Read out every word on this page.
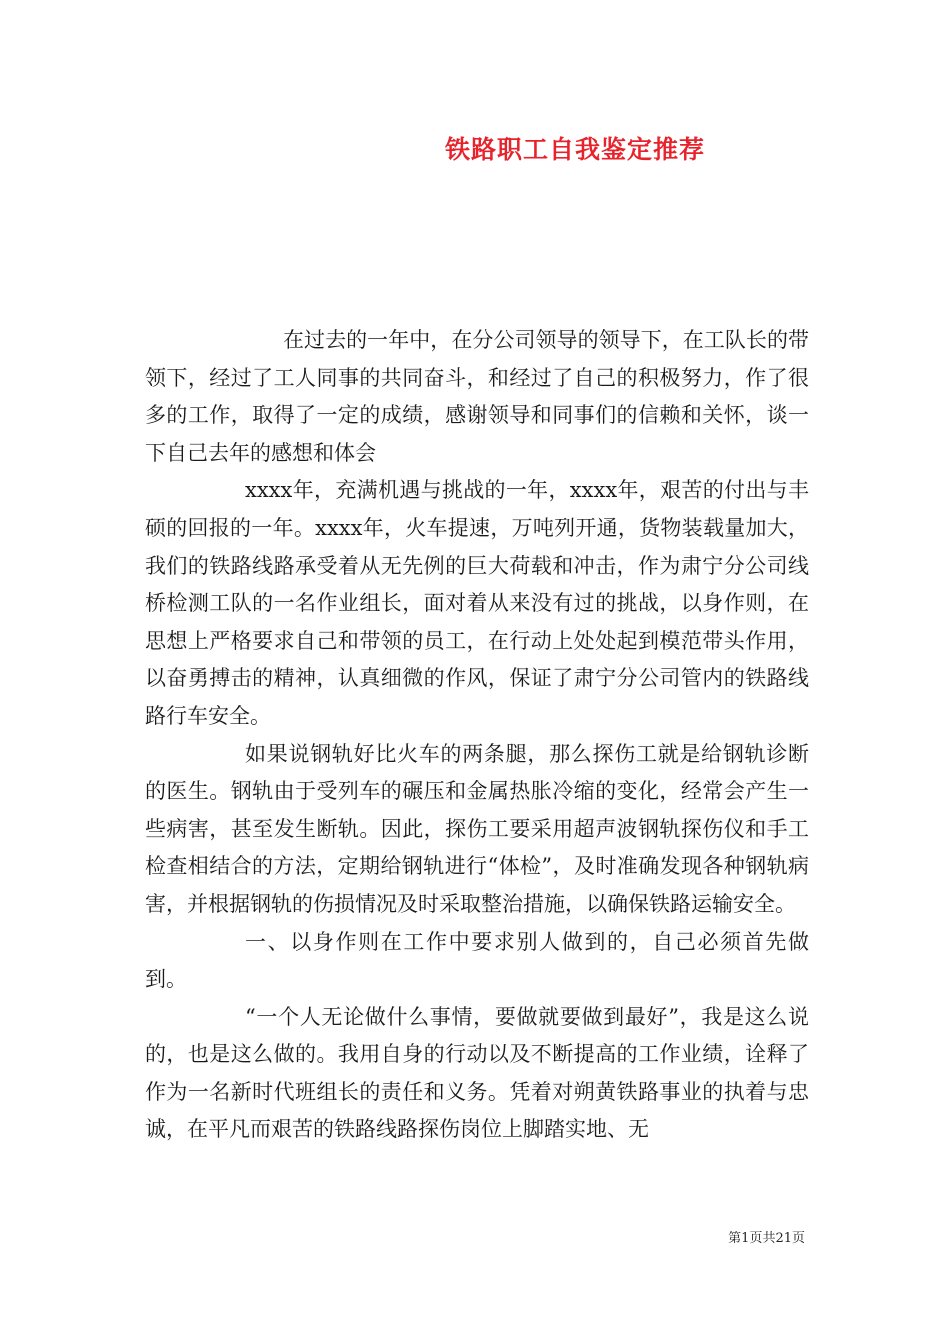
铁路职工自我鉴定推荐

在过去的一年中，在分公司领导的领导下，在工队长的带领下，经过了工人同事的共同奋斗，和经过了自己的积极努力，作了很多的工作，取得了一定的成绩，感谢领导和同事们的信赖和关怀，谈一下自己去年的感想和体会

xxxx年，充满机遇与挑战的一年，xxxx年，艰苦的付出与丰硕的回报的一年。xxxx年，火车提速，万吨列开通，货物装载量加大，我们的铁路线路承受着从无先例的巨大荷载和冲击，作为肃宁分公司线桥检测工队的一名作业组长，面对着从来没有过的挑战，以身作则，在思想上严格要求自己和带领的员工，在行动上处处起到模范带头作用，以奋勇搏击的精神，认真细微的作风，保证了肃宁分公司管内的铁路线路行车安全。

如果说钢轨好比火车的两条腿，那么探伤工就是给钢轨诊断的医生。钢轨由于受列车的碾压和金属热胀冷缩的变化，经常会产生一些病害，甚至发生断轨。因此，探伤工要采用超声波钢轨探伤仪和手工检查相结合的方法，定期给钢轨进行“体检”，及时准确发现各种钢轨病害，并根据钢轨的伤损情况及时采取整治措施，以确保铁路运输安全。

一、以身作则在工作中要求别人做到的，自己必须首先做到。

“一个人无论做什么事情，要做就要做到最好”，我是这么说的，也是这么做的。我用自身的行动以及不断提高的工作业绩，诠释了作为一名新时代班组长的责任和义务。凭着对朔黄铁路事业的执着与忠诚，在平凡而艰苦的铁路线路探伤岗位上脚踏实地、无

第1页共21页
